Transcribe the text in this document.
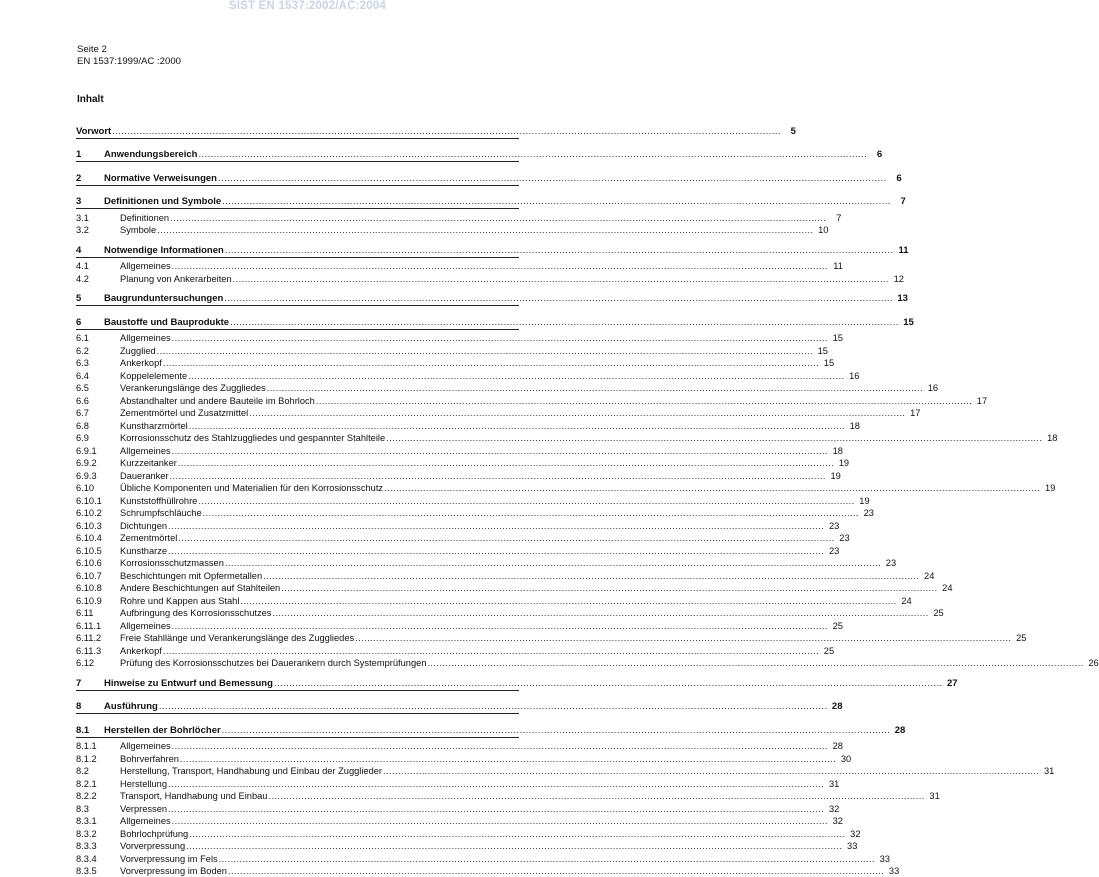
SIST EN 1537:2002/AC:2004
Seite 2
EN 1537:1999/AC :2000
Inhalt
Vorwort ............................................................................................................................................................................................................................	5
1	Anwendungsbereich ............................................................................................................................................................................................................................	6
2	Normative Verweisungen ............................................................................................................................................................................................................................	6
3	Definitionen und Symbole ............................................................................................................................................................................................................................	7
3.1	Definitionen ............................................................................................................................................................................................................................	7
3.2	Symbole ............................................................................................................................................................................................................................ 10
4	Notwendige Informationen ............................................................................................................................................................................................................................ 11
4.1	Allgemeines ............................................................................................................................................................................................................................ 11
4.2	Planung von Ankerarbeiten ............................................................................................................................................................................................................................ 12
5	Baugrunduntersuchungen ............................................................................................................................................................................................................................ 13
6	Baustoffe und Bauprodukte ............................................................................................................................................................................................................................ 15
6.1	Allgemeines ............................................................................................................................................................................................................................ 15
6.2	Zugglied ............................................................................................................................................................................................................................ 15
6.3	Ankerkopf ............................................................................................................................................................................................................................ 15
6.4	Koppelelemente ............................................................................................................................................................................................................................ 16
6.5	Verankerungslänge des Zuggliedes ............................................................................................................................................................................................................................ 16
6.6	Abstandhalter und andere Bauteile im Bohrloch ............................................................................................................................................................................................................................ 17
6.7	Zementmörtel und Zusatzmittel ............................................................................................................................................................................................................................ 17
6.8	Kunstharzmörtel ............................................................................................................................................................................................................................ 18
6.9	Korrosionsschutz des Stahlzuggliedes und gespannter Stahlteile ............................................................................................................................................................................................................................ 18
6.9.1	Allgemeines ............................................................................................................................................................................................................................ 18
6.9.2	Kurzzeitanker ............................................................................................................................................................................................................................ 19
6.9.3	Daueranker ............................................................................................................................................................................................................................ 19
6.10	Übliche Komponenten und Materialien für den Korrosionsschutz ............................................................................................................................................................................................................................ 19
6.10.1	Kunststoffhüllrohre ............................................................................................................................................................................................................................ 19
6.10.2	Schrumpfschläuche ............................................................................................................................................................................................................................ 23
6.10.3	Dichtungen ............................................................................................................................................................................................................................ 23
6.10.4	Zementmörtel ............................................................................................................................................................................................................................ 23
6.10.5	Kunstharze ............................................................................................................................................................................................................................ 23
6.10.6	Korrosionsschutzmassen ............................................................................................................................................................................................................................ 23
6.10.7	Beschichtungen mit Opfermetallen ............................................................................................................................................................................................................................ 24
6.10.8	Andere Beschichtungen auf Stahlteilen ............................................................................................................................................................................................................................ 24
6.10.9	Rohre und Kappen aus Stahl ............................................................................................................................................................................................................................ 24
6.11	Aufbringung des Korrosionsschutzes ............................................................................................................................................................................................................................ 25
6.11.1	Allgemeines ............................................................................................................................................................................................................................ 25
6.11.2	Freie Stahllänge und Verankerungslänge des Zuggliedes ............................................................................................................................................................................................................................ 25
6.11.3	Ankerkopf ............................................................................................................................................................................................................................ 25
6.12	Prüfung des Korrosionsschutzes bei Dauerankern durch Systemprüfungen ............................................................................................................................................................................................................................ 26
7	Hinweise zu Entwurf und Bemessung ............................................................................................................................................................................................................................ 27
8	Ausführung ............................................................................................................................................................................................................................ 28
8.1	Herstellen der Bohrlöcher ............................................................................................................................................................................................................................ 28
8.1.1	Allgemeines ............................................................................................................................................................................................................................ 28
8.1.2	Bohrverfahren ............................................................................................................................................................................................................................ 30
8.2	Herstellung, Transport, Handhabung und Einbau der Zugglieder ............................................................................................................................................................................................................................ 31
8.2.1	Herstellung ............................................................................................................................................................................................................................ 31
8.2.2	Transport, Handhabung und Einbau ............................................................................................................................................................................................................................ 31
8.3	Verpressen ............................................................................................................................................................................................................................ 32
8.3.1	Allgemeines ............................................................................................................................................................................................................................ 32
8.3.2	Bohrlochprüfung ............................................................................................................................................................................................................................ 32
8.3.3	Vorverpressung ............................................................................................................................................................................................................................ 33
8.3.4	Vorverpressung im Fels ............................................................................................................................................................................................................................ 33
8.3.5	Vorverpressung im Boden ............................................................................................................................................................................................................................ 33
